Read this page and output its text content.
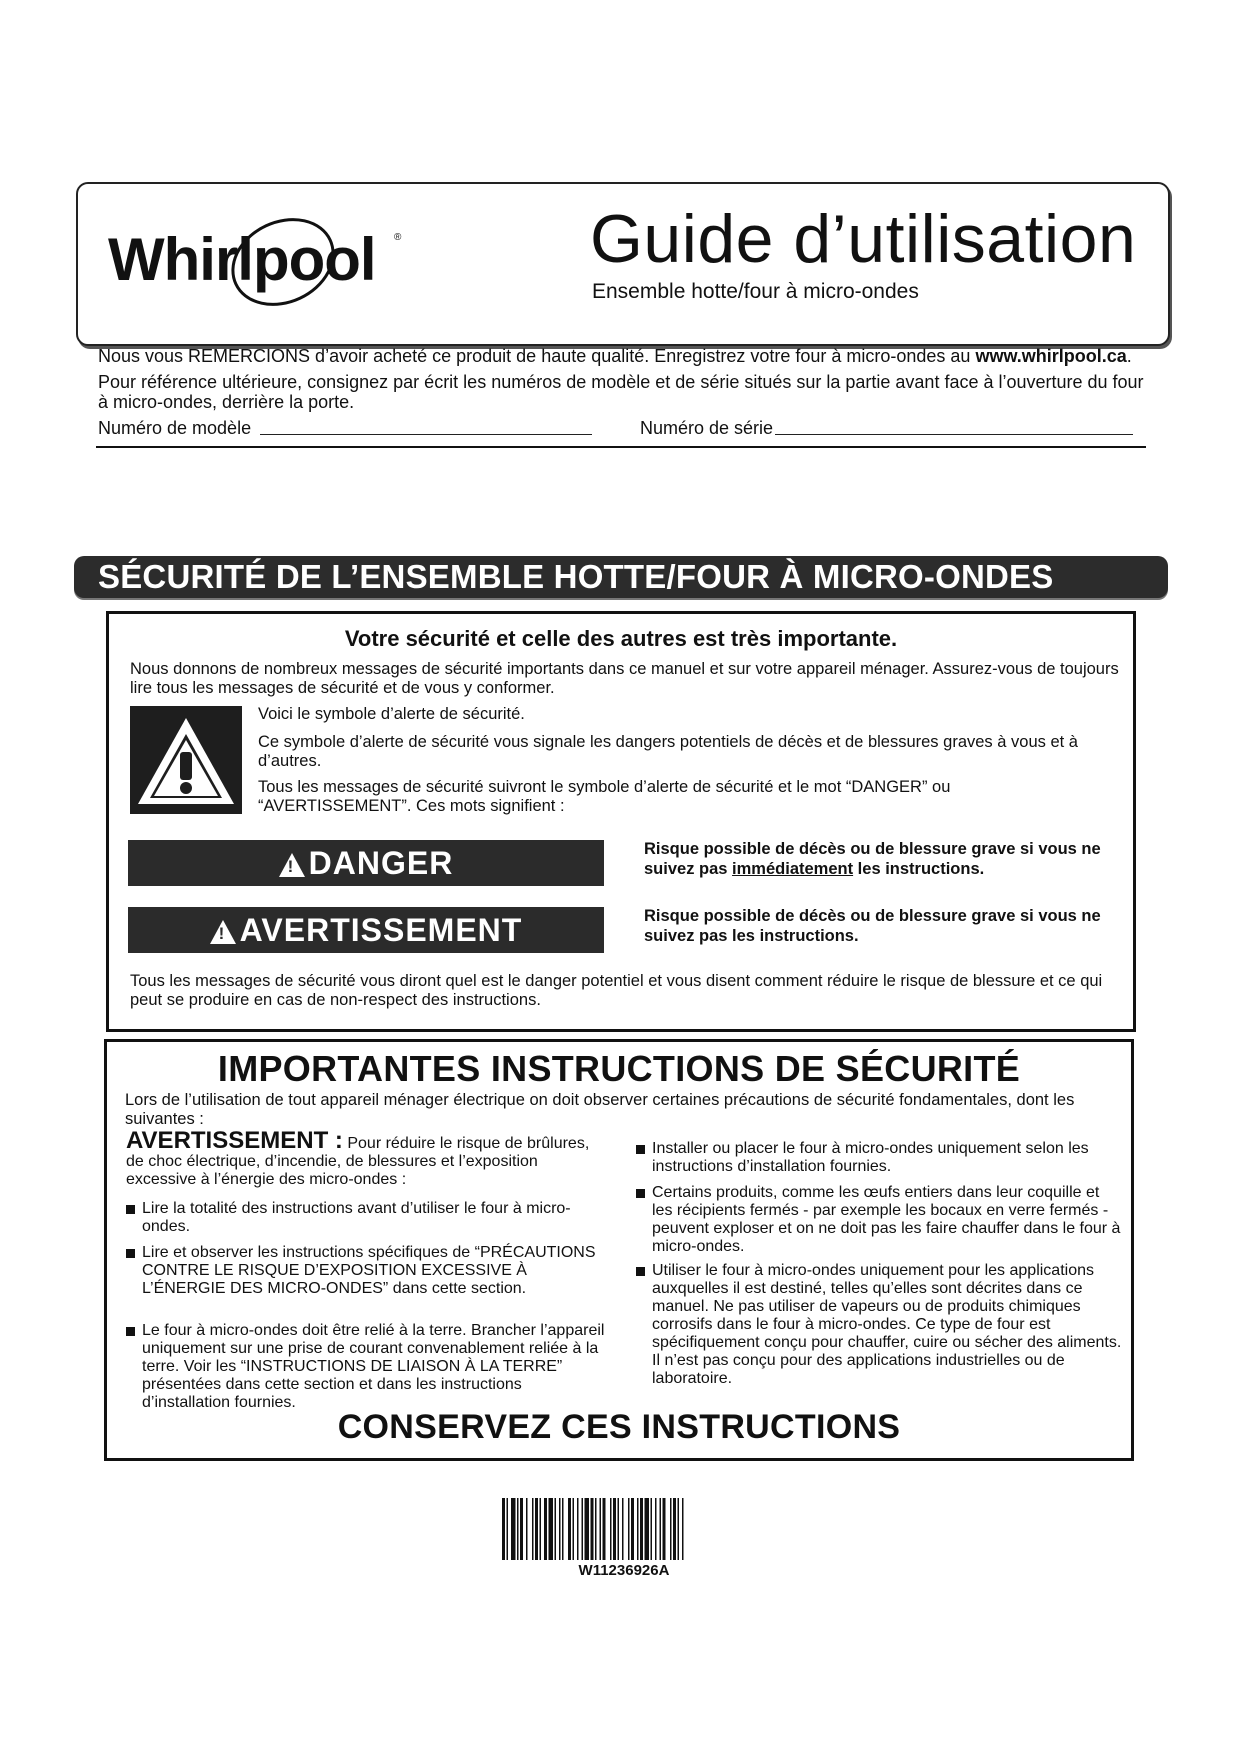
Whirlpool ®	Guide d’utilisation
Ensemble hotte/four à micro-ondes
Nous vous REMERCIONS d’avoir acheté ce produit de haute qualité. Enregistrez votre four à micro-ondes au www.whirlpool.ca.
Pour référence ultérieure, consignez par écrit les numéros de modèle et de série situés sur la partie avant face à l’ouverture du four
à micro-ondes, derrière la porte.
Numéro de modèle	Numéro de série
SÉCURITÉ DE L’ENSEMBLE HOTTE/FOUR À MICRO-ONDES
Votre sécurité et celle des autres est très importante.
Nous donnons de nombreux messages de sécurité importants dans ce manuel et sur votre appareil ménager. Assurez-vous de toujours lire tous les messages de sécurité et de vous y conformer.
Voici le symbole d’alerte de sécurité.
Ce symbole d’alerte de sécurité vous signale les dangers potentiels de décès et de blessures graves à vous et à d’autres.
Tous les messages de sécurité suivront le symbole d’alerte de sécurité et le mot “DANGER” ou “AVERTISSEMENT”. Ces mots signifient :
!DANGER	Risque possible de décès ou de blessure grave si vous ne suivez pas immédiatement les instructions.
!AVERTISSEMENT	Risque possible de décès ou de blessure grave si vous ne suivez pas les instructions.
Tous les messages de sécurité vous diront quel est le danger potentiel et vous disent comment réduire le risque de blessure et ce qui peut se produire en cas de non-respect des instructions.
IMPORTANTES INSTRUCTIONS DE SÉCURITÉ
Lors de l’utilisation de tout appareil ménager électrique on doit observer certaines précautions de sécurité fondamentales, dont les suivantes :
AVERTISSEMENT : Pour réduire le risque de brûlures, de choc électrique, d’incendie, de blessures et l’exposition excessive à l’énergie des micro-ondes :
Lire la totalité des instructions avant d’utiliser le four à micro-ondes.
Lire et observer les instructions spécifiques de “PRÉCAUTIONS CONTRE LE RISQUE D’EXPOSITION EXCESSIVE À L’ÉNERGIE DES MICRO-ONDES” dans cette section.
Le four à micro-ondes doit être relié à la terre. Brancher l’appareil uniquement sur une prise de courant convenablement reliée à la terre. Voir les “INSTRUCTIONS DE LIAISON À LA TERRE” présentées dans cette section et dans les instructions d’installation fournies.
Installer ou placer le four à micro-ondes uniquement selon les instructions d’installation fournies.
Certains produits, comme les œufs entiers dans leur coquille et les récipients fermés - par exemple les bocaux en verre fermés - peuvent exploser et on ne doit pas les faire chauffer dans le four à micro-ondes.
Utiliser le four à micro-ondes uniquement pour les applications auxquelles il est destiné, telles qu’elles sont décrites dans ce manuel. Ne pas utiliser de vapeurs ou de produits chimiques corrosifs dans le four à micro-ondes. Ce type de four est spécifiquement conçu pour chauffer, cuire ou sécher des aliments. Il n’est pas conçu pour des applications industrielles ou de laboratoire.
CONSERVEZ CES INSTRUCTIONS
W11236926A
